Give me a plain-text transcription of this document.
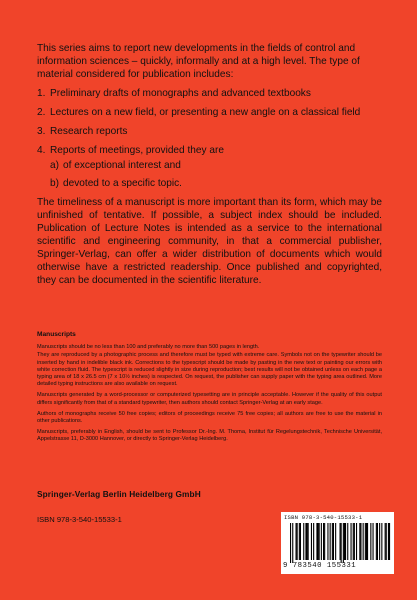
This series aims to report new developments in the fields of control and information sciences – quickly, informally and at a high level. The type of material considered for publication includes:

1. Preliminary drafts of monographs and advanced textbooks
2. Lectures on a new field, or presenting a new angle on a classical field
3. Research reports
4. Reports of meetings, provided they are
a) of exceptional interest and
b) devoted to a specific topic.

The timeliness of a manuscript is more important than its form, which may be unfinished of tentative. If possible, a subject index should be included. Publication of Lecture Notes is intended as a service to the international scientific and engineering community, in that a commercial publisher, Springer-Verlag, can offer a wider distribution of documents which would otherwise have a restricted readership. Once published and copyrighted, they can be documented in the scientific literature.

Manuscripts

Manuscripts should be no less than 100 and preferably no more than 500 pages in length.

They are reproduced by a photographic process and therefore must be typed with extreme care. Symbols not on the typewriter should be inserted by hand in indelible black ink. Corrections to the typescript should be made by pasting in the new text or painting our errors with white correction fluid. The typescript is reduced slightly in size during reproduction; best results will not be obtained unless on each page a typing area of 18 x 26.5 cm (7 x 10½ inches) is respected. On request, the publisher can supply paper with the typing area outlined. More detailed typing instructions are also available on request.

Manuscripts generated by a word-processor or computerized typesetting are in principle acceptable. However if the quality of this output differs significantly from that of a standard typewriter, then authors should contact Springer-Verlag at an early stage.

Authors of monographs receive 50 free copies; editors of proceedings receive 75 free copies; all authors are free to use the material in other publications.

Manuscripts, preferably in English, should be sent to Professor Dr.-Ing. M. Thoma, Institut für Regelungstechnik, Technische Universität, Appelstrasse 11, D-3000 Hannover, or directly to Springer-Verlag Heidelberg.

Springer-Verlag Berlin Heidelberg GmbH
ISBN 978-3-540-15533-1	ISBN 978-3-540-15533-1
9 783540 155331
